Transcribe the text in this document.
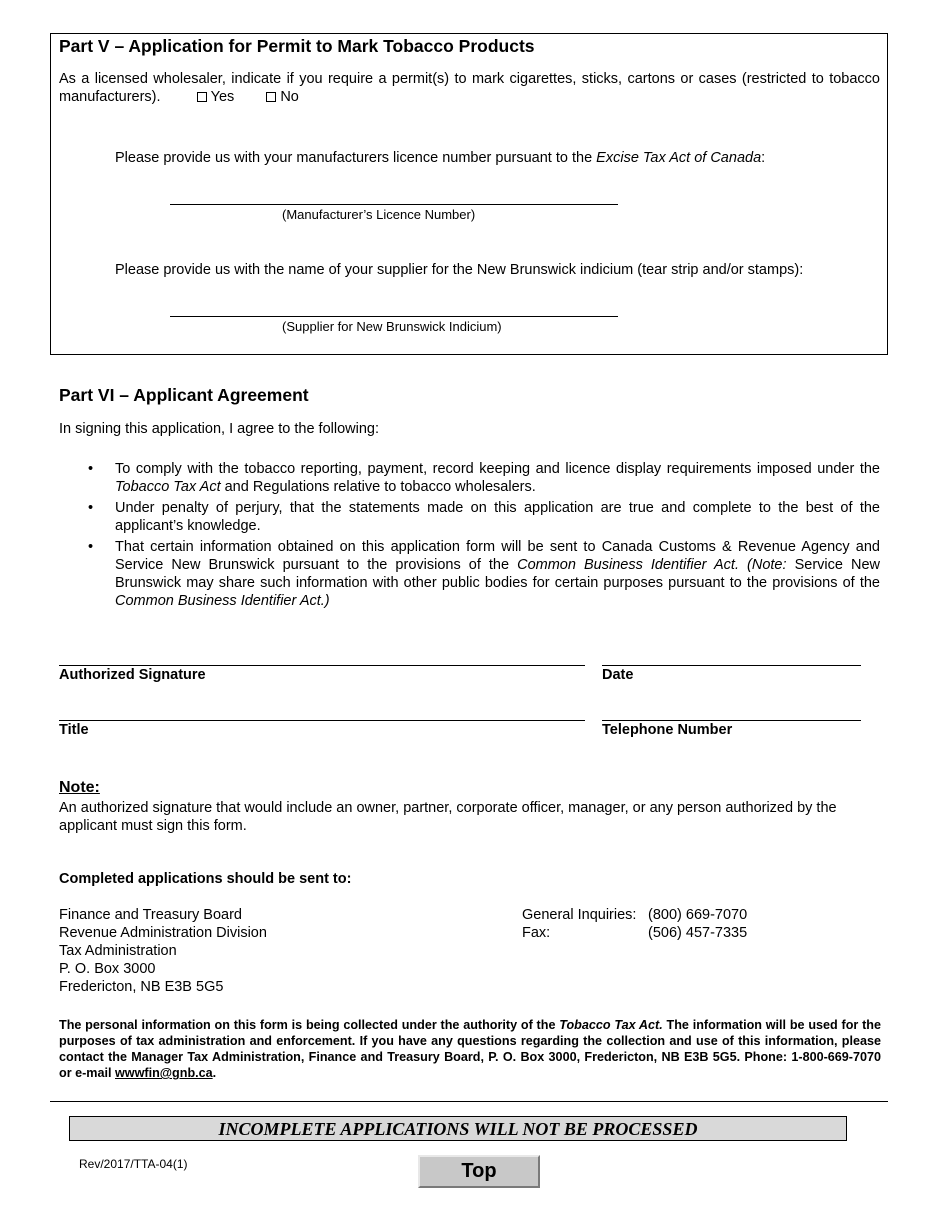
Part V – Application for Permit to Mark Tobacco Products
As a licensed wholesaler, indicate if you require a permit(s) to mark cigarettes, sticks, cartons or cases (restricted to tobacco manufacturers).	Yes	No
Please provide us with your manufacturers licence number pursuant to the Excise Tax Act of Canada:
(Manufacturer’s Licence Number)
Please provide us with the name of your supplier for the New Brunswick indicium (tear strip and/or stamps):
(Supplier for New Brunswick Indicium)
Part VI – Applicant Agreement
In signing this application, I agree to the following:
• To comply with the tobacco reporting, payment, record keeping and licence display requirements imposed under the Tobacco Tax Act and Regulations relative to tobacco wholesalers.
• Under penalty of perjury, that the statements made on this application are true and complete to the best of the applicant’s knowledge.
• That certain information obtained on this application form will be sent to Canada Customs & Revenue Agency and Service New Brunswick pursuant to the provisions of the Common Business Identifier Act. (Note: Service New Brunswick may share such information with other public bodies for certain purposes pursuant to the provisions of the Common Business Identifier Act.)
Authorized Signature	Date
Title	Telephone Number
Note:
An authorized signature that would include an owner, partner, corporate officer, manager, or any person authorized by the applicant must sign this form.
Completed applications should be sent to:
Finance and Treasury Board
Revenue Administration Division
Tax Administration
P. O. Box 3000
Fredericton, NB E3B 5G5
General Inquiries: (800) 669-7070
Fax:	(506) 457-7335
The personal information on this form is being collected under the authority of the Tobacco Tax Act. The information will be used for the purposes of tax administration and enforcement. If you have any questions regarding the collection and use of this information, please contact the Manager Tax Administration, Finance and Treasury Board, P. O. Box 3000, Fredericton, NB E3B 5G5. Phone: 1-800-669-7070 or e-mail wwwfin@gnb.ca.
INCOMPLETE APPLICATIONS WILL NOT BE PROCESSED
Rev/2017/TTA-04(1)	Top
